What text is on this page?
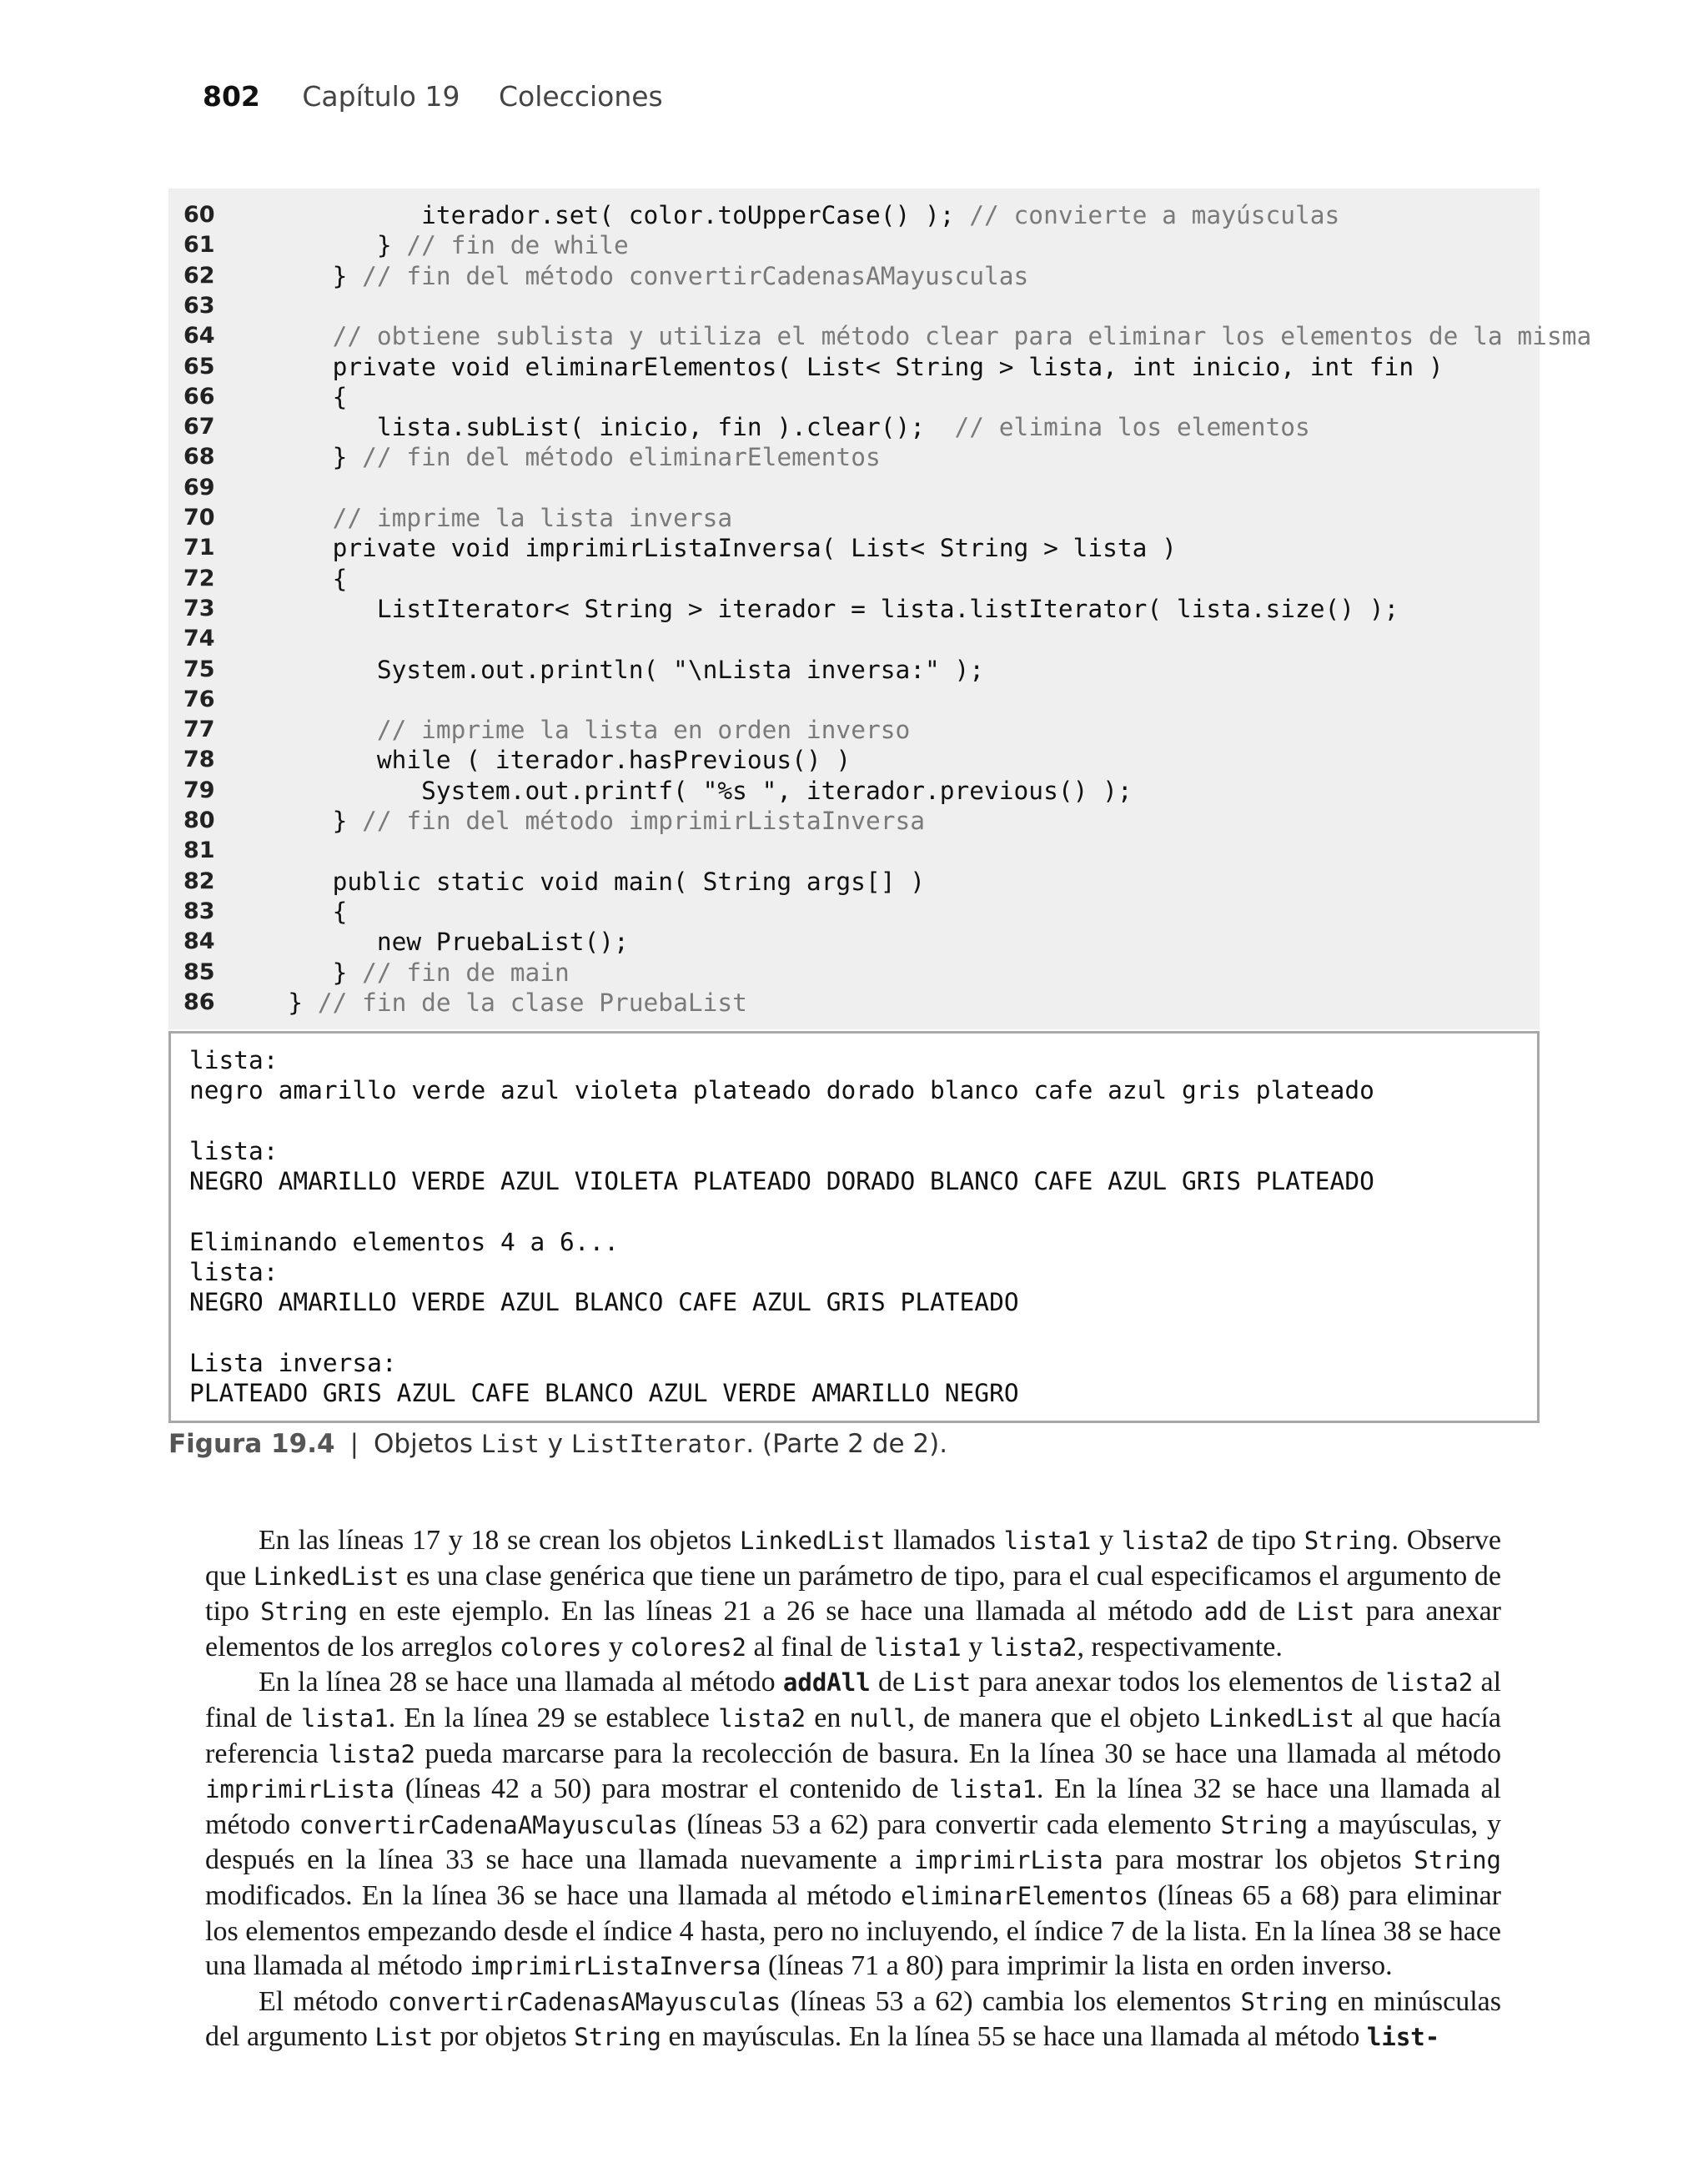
802 Capítulo 19 Colecciones
60	iterador.set( color.toUpperCase() ); // convierte a mayúsculas
61	} // fin de while
62	} // fin del método convertirCadenasAMayusculas
63
64	// obtiene sublista y utiliza el método clear para eliminar los elementos de la misma
65	private void eliminarElementos( List< String > lista, int inicio, int fin )
66	{
67	lista.subList( inicio, fin ).clear();  // elimina los elementos
68	} // fin del método eliminarElementos
69
70	// imprime la lista inversa
71	private void imprimirListaInversa( List< String > lista )
72	{
73	ListIterator< String > iterador = lista.listIterator( lista.size() );
74
75	System.out.println( "\nLista inversa:" );
76
77	// imprime la lista en orden inverso
78	while ( iterador.hasPrevious() )
79	System.out.printf( "%s ", iterador.previous() );
80	} // fin del método imprimirListaInversa
81
82	public static void main( String args[] )
83	{
84	new PruebaList();
85	} // fin de main
86	} // fin de la clase PruebaList
lista:
negro amarillo verde azul violeta plateado dorado blanco cafe azul gris plateado
lista:
NEGRO AMARILLO VERDE AZUL VIOLETA PLATEADO DORADO BLANCO CAFE AZUL GRIS PLATEADO
Eliminando elementos 4 a 6...
lista:
NEGRO AMARILLO VERDE AZUL BLANCO CAFE AZUL GRIS PLATEADO
Lista inversa:
PLATEADO GRIS AZUL CAFE BLANCO AZUL VERDE AMARILLO NEGRO
Figura 19.4 | Objetos List y ListIterator. (Parte 2 de 2).

En las líneas 17 y 18 se crean los objetos LinkedList llamados lista1 y lista2 de tipo String. Observe que LinkedList es una clase genérica que tiene un parámetro de tipo, para el cual especificamos el argumento de tipo String en este ejemplo. En las líneas 21 a 26 se hace una llamada al método add de List para anexar elementos de los arreglos colores y colores2 al final de lista1 y lista2, respectivamente.

En la línea 28 se hace una llamada al método addAll de List para anexar todos los elementos de lista2 al final de lista1. En la línea 29 se establece lista2 en null, de manera que el objeto LinkedList al que hacía referencia lista2 pueda marcarse para la recolección de basura. En la línea 30 se hace una llamada al método imprimirLista (líneas 42 a 50) para mostrar el contenido de lista1. En la línea 32 se hace una llamada al método convertirCadenaAMayusculas (líneas 53 a 62) para convertir cada elemento String a mayúsculas, y después en la línea 33 se hace una llamada nuevamente a imprimirLista para mostrar los objetos String modificados. En la línea 36 se hace una llamada al método eliminarElementos (líneas 65 a 68) para eliminar los elementos empezando desde el índice 4 hasta, pero no incluyendo, el índice 7 de la lista. En la línea 38 se hace una llamada al método imprimirListaInversa (líneas 71 a 80) para imprimir la lista en orden inverso.

El método convertirCadenasAMayusculas (líneas 53 a 62) cambia los elementos String en minúsculas del argumento List por objetos String en mayúsculas. En la línea 55 se hace una llamada al método list-
